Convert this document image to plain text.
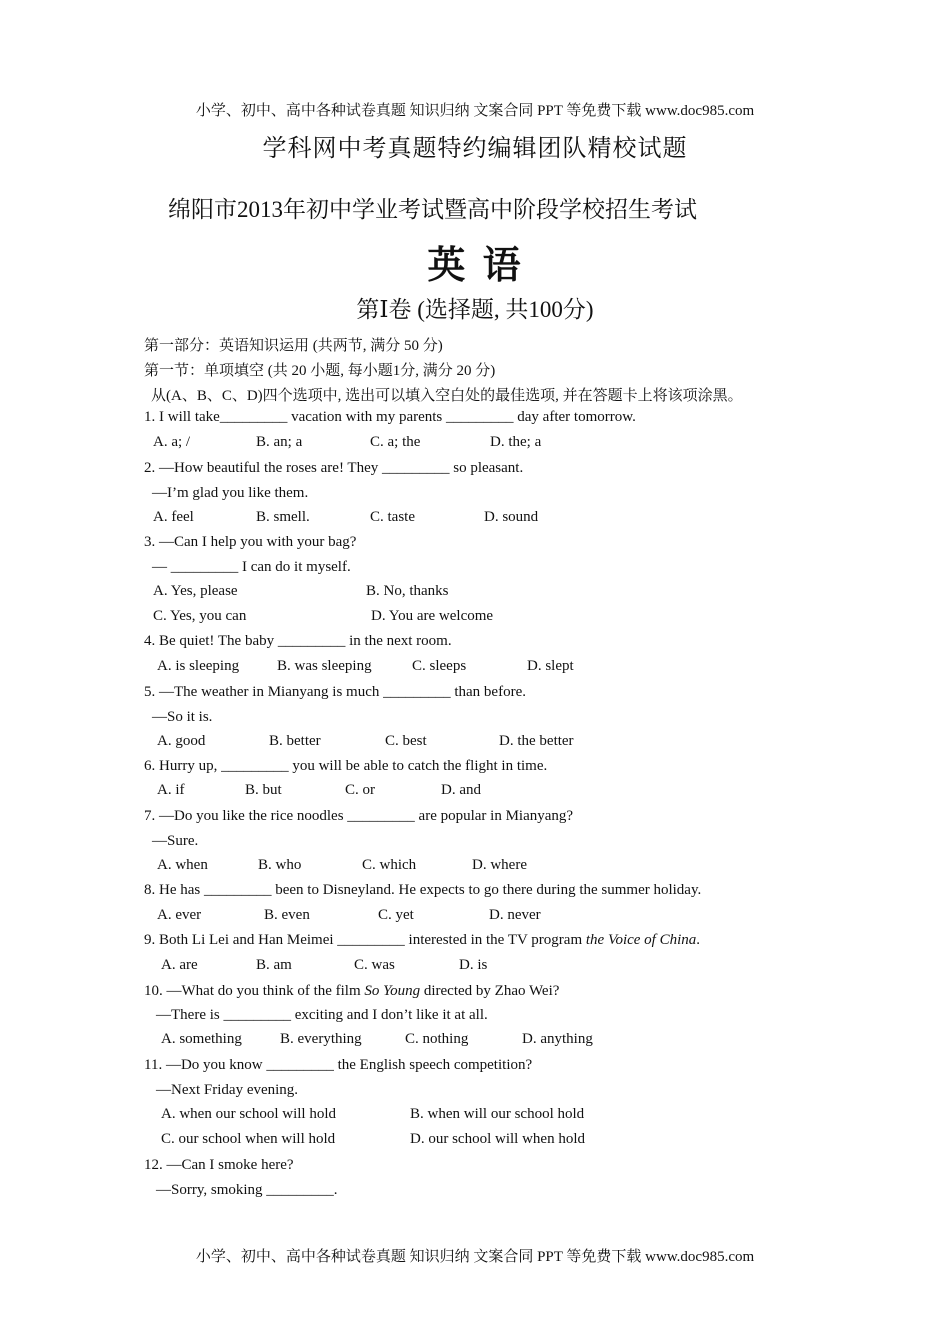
小学、初中、高中各种试卷真题 知识归纳 文案合同 PPT 等免费下载 www.doc985.com
学科网中考真题特约编辑团队精校试题
绵阳市2013年初中学业考试暨高中阶段学校招生考试
英 语
第Ⅰ卷 (选择题, 共100分)
第一部分：英语知识运用 (共两节, 满分 50 分)
第一节：单项填空 (共 20 小题, 每小题1分, 满分 20 分)
从(A、B、C、D)四个选项中, 选出可以填入空白处的最佳选项, 并在答题卡上将该项涂黑。
1. I will take_________ vacation with my parents _________ day after tomorrow.
A. a; /	B. an; a	C. a; the	D. the; a
2. —How beautiful the roses are! They _________ so pleasant.
—I’m glad you like them.
A. feel	B. smell.	C. taste	D. sound
3. —Can I help you with your bag?
— _________ I can do it myself.
A. Yes, please	B. No, thanks
C. Yes, you can	D. You are welcome
4. Be quiet! The baby _________ in the next room.
A. is sleeping	B. was sleeping	C. sleeps	D. slept
5. —The weather in Mianyang is much _________ than before.
—So it is.
A. good	B. better	C. best	D. the better
6. Hurry up, _________ you will be able to catch the flight in time.
A. if	B. but	C. or	D. and
7. —Do you like the rice noodles _________ are popular in Mianyang?
—Sure.
A. when	B. who	C. which	D. where
8. He has _________ been to Disneyland. He expects to go there during the summer holiday.
A. ever	B. even	C. yet	D. never
9. Both Li Lei and Han Meimei _________ interested in the TV program the Voice of China.
A. are	B. am	C. was	D. is
10. —What do you think of the film So Young directed by Zhao Wei?
—There is _________ exciting and I don’t like it at all.
A. something	B. everything	C. nothing	D. anything
11. —Do you know _________ the English speech competition?
—Next Friday evening.
A. when our school will hold	B. when will our school hold
C. our school when will hold	D. our school will when hold
12. —Can I smoke here?
—Sorry, smoking _________.
小学、初中、高中各种试卷真题 知识归纳 文案合同 PPT 等免费下载 www.doc985.com
